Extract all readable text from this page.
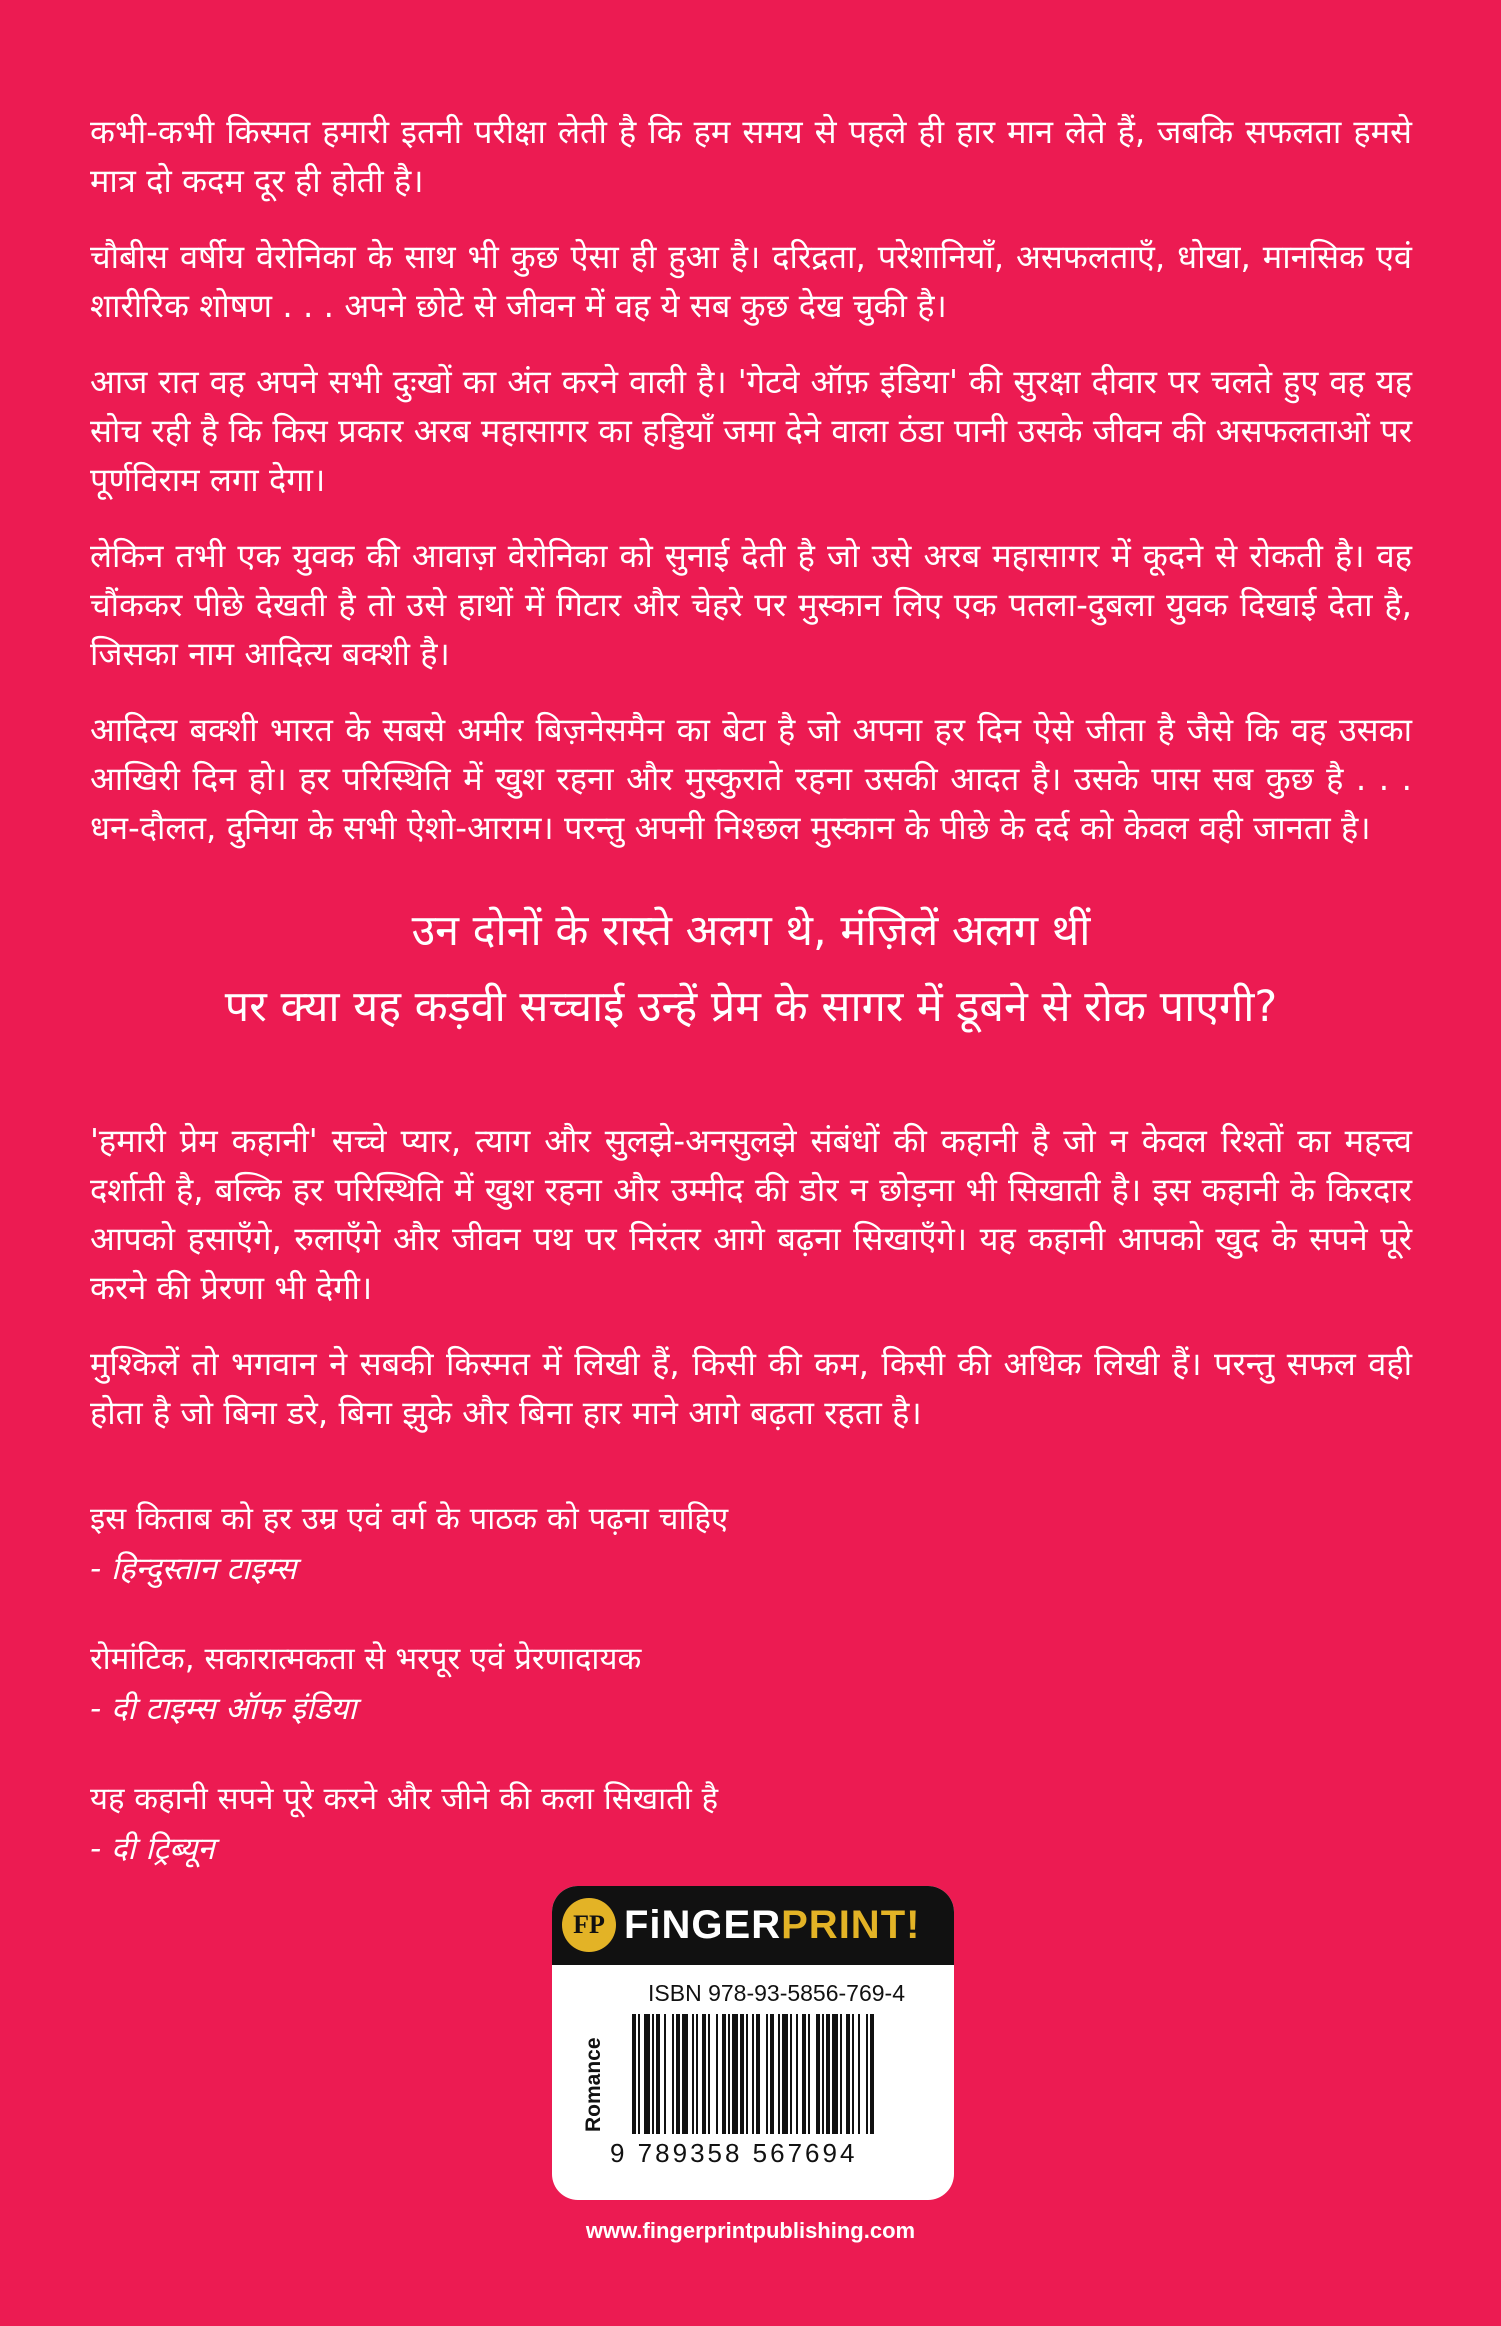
कभी-कभी किस्मत हमारी इतनी परीक्षा लेती है कि हम समय से पहले ही हार मान लेते हैं, जबकि सफलता हमसे मात्र दो कदम दूर ही होती है।

चौबीस वर्षीय वेरोनिका के साथ भी कुछ ऐसा ही हुआ है। दरिद्रता, परेशानियाँ, असफलताएँ, धोखा, मानसिक एवं शारीरिक शोषण . . . अपने छोटे से जीवन में वह ये सब कुछ देख चुकी है।

आज रात वह अपने सभी दुःखों का अंत करने वाली है। 'गेटवे ऑफ़ इंडिया' की सुरक्षा दीवार पर चलते हुए वह यह सोच रही है कि किस प्रकार अरब महासागर का हड्डियाँ जमा देने वाला ठंडा पानी उसके जीवन की असफलताओं पर पूर्णविराम लगा देगा।

लेकिन तभी एक युवक की आवाज़ वेरोनिका को सुनाई देती है जो उसे अरब महासागर में कूदने से रोकती है। वह चौंककर पीछे देखती है तो उसे हाथों में गिटार और चेहरे पर मुस्कान लिए एक पतला-दुबला युवक दिखाई देता है, जिसका नाम आदित्य बक्शी है।

आदित्य बक्शी भारत के सबसे अमीर बिज़नेसमैन का बेटा है जो अपना हर दिन ऐसे जीता है जैसे कि वह उसका आखिरी दिन हो। हर परिस्थिति में खुश रहना और मुस्कुराते रहना उसकी आदत है। उसके पास सब कुछ है . . . धन-दौलत, दुनिया के सभी ऐशो-आराम। परन्तु अपनी निश्छल मुस्कान के पीछे के दर्द को केवल वही जानता है।

उन दोनों के रास्ते अलग थे, मंज़िलें अलग थीं
पर क्या यह कड़वी सच्चाई उन्हें प्रेम के सागर में डूबने से रोक पाएगी?

'हमारी प्रेम कहानी' सच्चे प्यार, त्याग और सुलझे-अनसुलझे संबंधों की कहानी है जो न केवल रिश्तों का महत्त्व दर्शाती है, बल्कि हर परिस्थिति में खुश रहना और उम्मीद की डोर न छोड़ना भी सिखाती है। इस कहानी के किरदार आपको हसाएँगे, रुलाएँगे और जीवन पथ पर निरंतर आगे बढ़ना सिखाएँगे। यह कहानी आपको खुद के सपने पूरे करने की प्रेरणा भी देगी।

मुश्किलें तो भगवान ने सबकी किस्मत में लिखी हैं, किसी की कम, किसी की अधिक लिखी हैं। परन्तु सफल वही होता है जो बिना डरे, बिना झुके और बिना हार माने आगे बढ़ता रहता है।

इस किताब को हर उम्र एवं वर्ग के पाठक को पढ़ना चाहिए
- हिन्दुस्तान टाइम्स
रोमांटिक, सकारात्मकता से भरपूर एवं प्रेरणादायक
- दी टाइम्स ऑफ इंडिया
यह कहानी सपने पूरे करने और जीने की कला सिखाती है
- दी ट्रिब्यून
FP FiNGERPRINT!
ISBN 978-93-5856-769-4
Romance
9 789358 567694
www.fingerprintpublishing.com
